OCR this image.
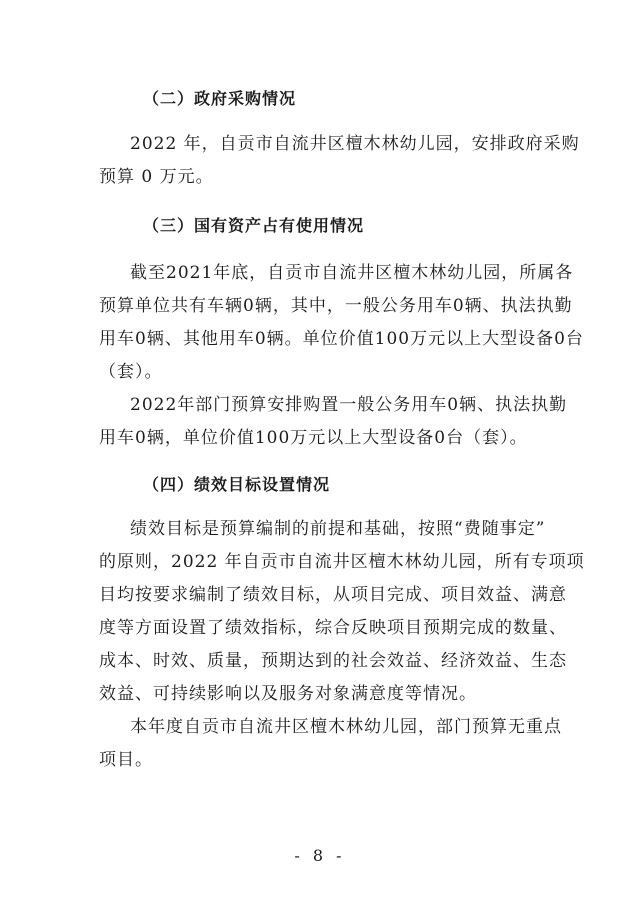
（二）政府采购情况

2022 年，自贡市自流井区檀木林幼儿园，安排政府采购

预算 0 万元。

（三）国有资产占有使用情况

截至2021年底，自贡市自流井区檀木林幼儿园，所属各

预算单位共有车辆0辆，其中，一般公务用车0辆、执法执勤

用车0辆、其他用车0辆。单位价值100万元以上大型设备0台

（套）。

2022年部门预算安排购置一般公务用车0辆、执法执勤

用车0辆，单位价值100万元以上大型设备0台（套）。

（四）绩效目标设置情况

绩效目标是预算编制的前提和基础，按照“费随事定”

的原则，2022 年自贡市自流井区檀木林幼儿园，所有专项项

目均按要求编制了绩效目标，从项目完成、项目效益、满意

度等方面设置了绩效指标，综合反映项目预期完成的数量、

成本、时效、质量，预期达到的社会效益、经济效益、生态

效益、可持续影响以及服务对象满意度等情况。

本年度自贡市自流井区檀木林幼儿园，部门预算无重点

项目。

- 8 -
